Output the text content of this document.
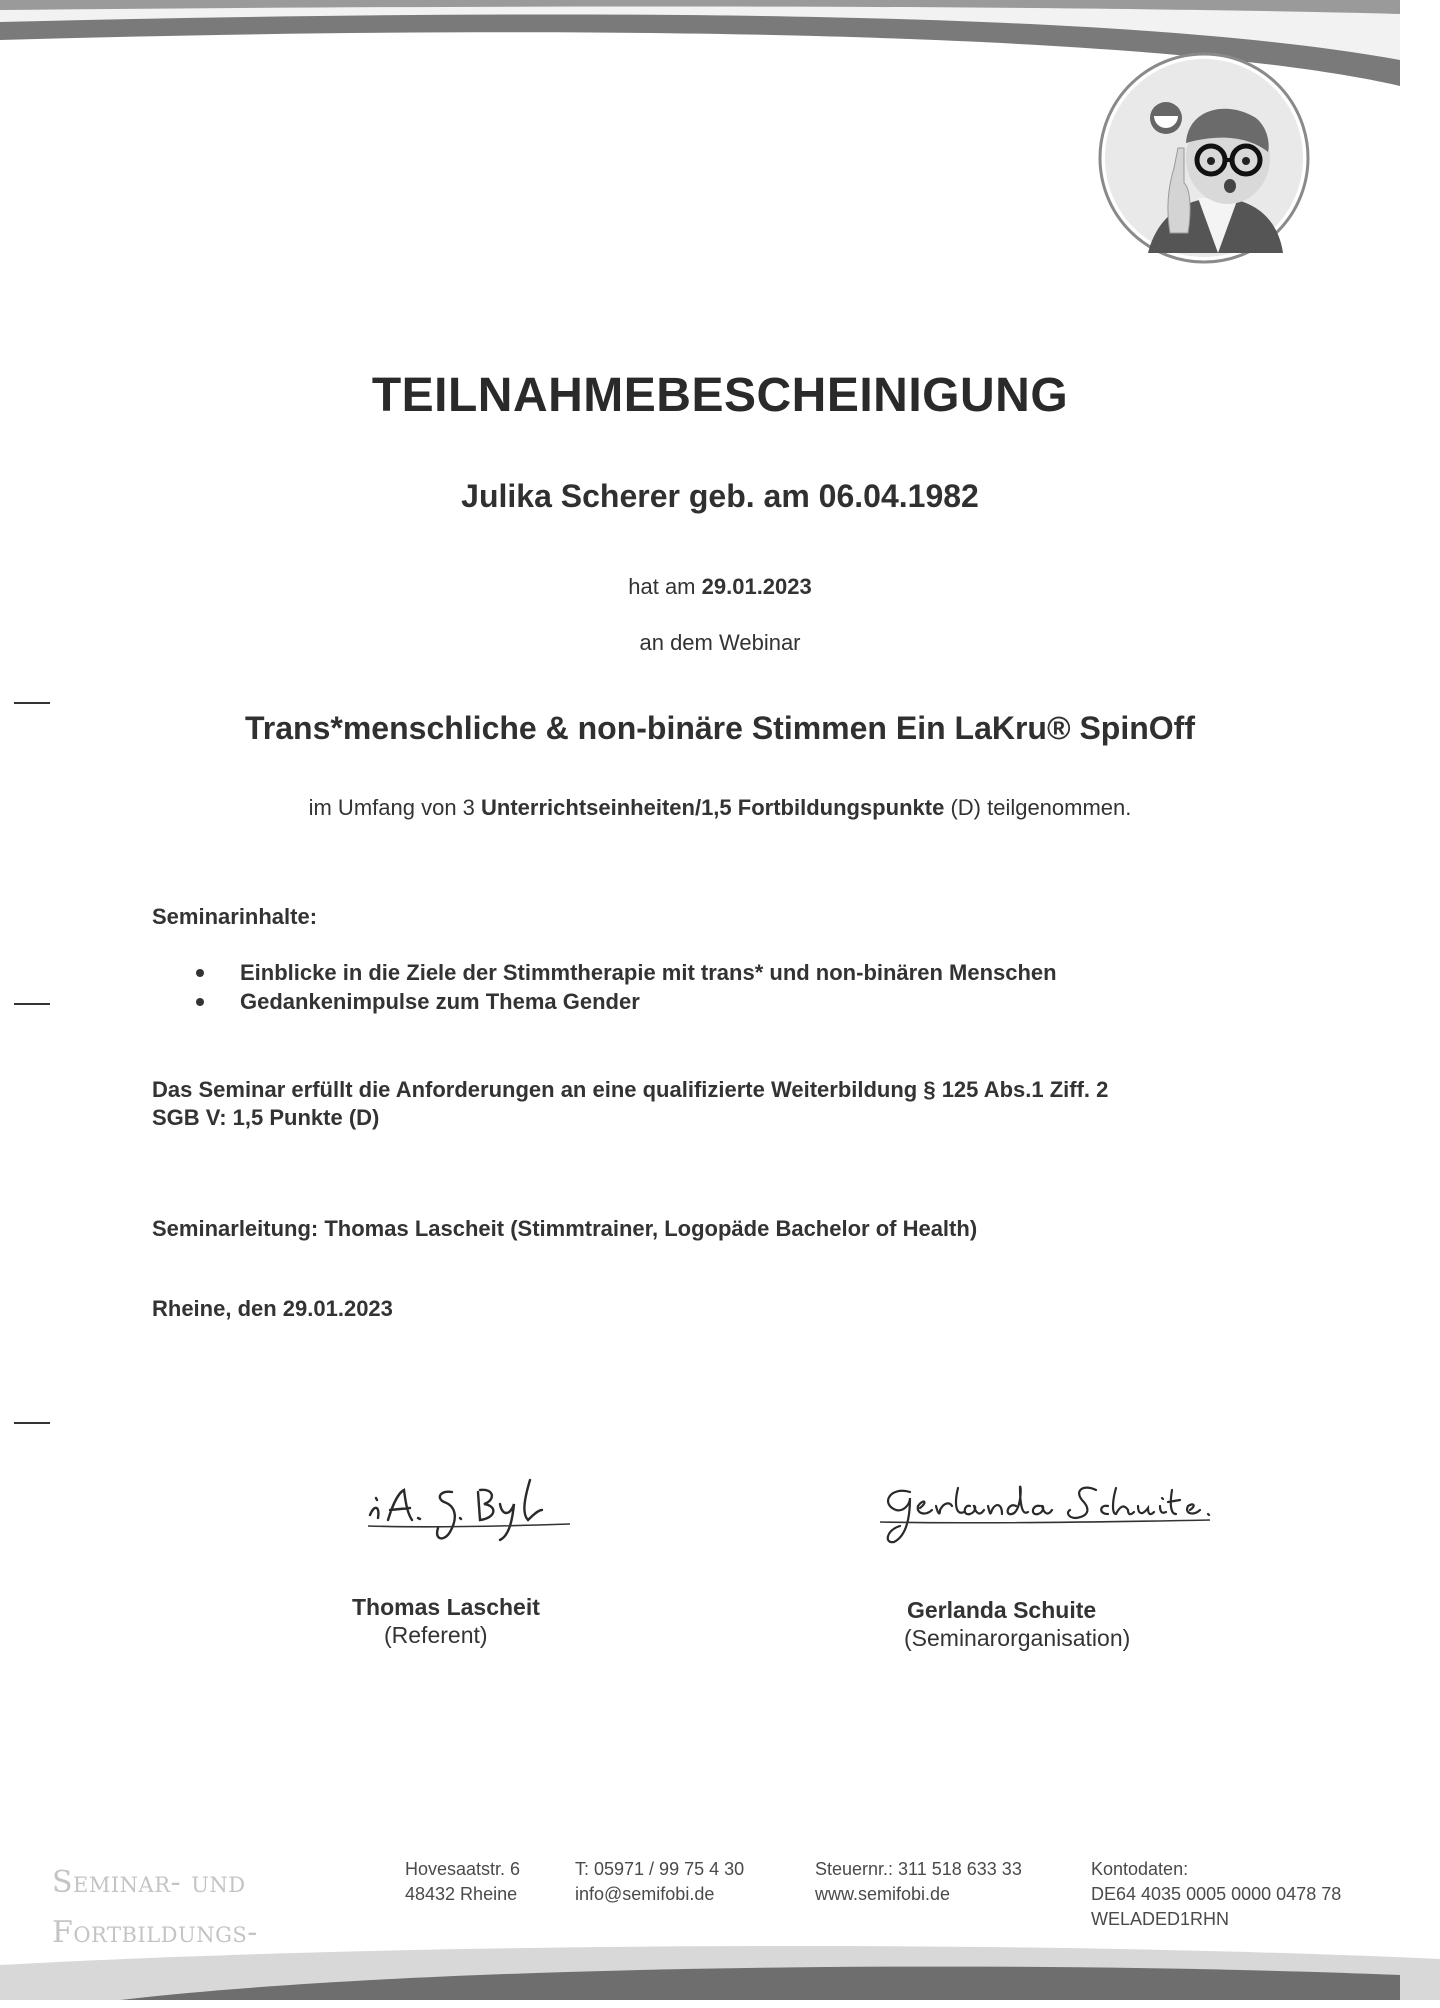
TEILNAHMEBESCHEINIGUNG
Julika Scherer geb. am 06.04.1982
hat am 29.01.2023
an dem Webinar
Trans*menschliche & non-binäre Stimmen Ein LaKru® SpinOff
im Umfang von 3 Unterrichtseinheiten/1,5 Fortbildungspunkte (D) teilgenommen.
Seminarinhalte:
Einblicke in die Ziele der Stimmtherapie mit trans* und non-binären Menschen
Gedankenimpulse zum Thema Gender
Das Seminar erfüllt die Anforderungen an eine qualifizierte Weiterbildung § 125 Abs.1 Ziff. 2
SGB V: 1,5 Punkte (D)
Seminarleitung: Thomas Lascheit (Stimmtrainer, Logopäde Bachelor of Health)
Rheine, den 29.01.2023
Thomas Lascheit
(Referent)
Gerlanda Schuite
(Seminarorganisation)
Seminar- und Fortbildungs-
Hovesaatstr. 6
48432 Rheine
T: 05971 / 99 75 4 30
info@semifobi.de
Steuernr.: 311 518 633 33
www.semifobi.de
Kontodaten:
DE64 4035 0005 0000 0478 78
WELADED1RHN
